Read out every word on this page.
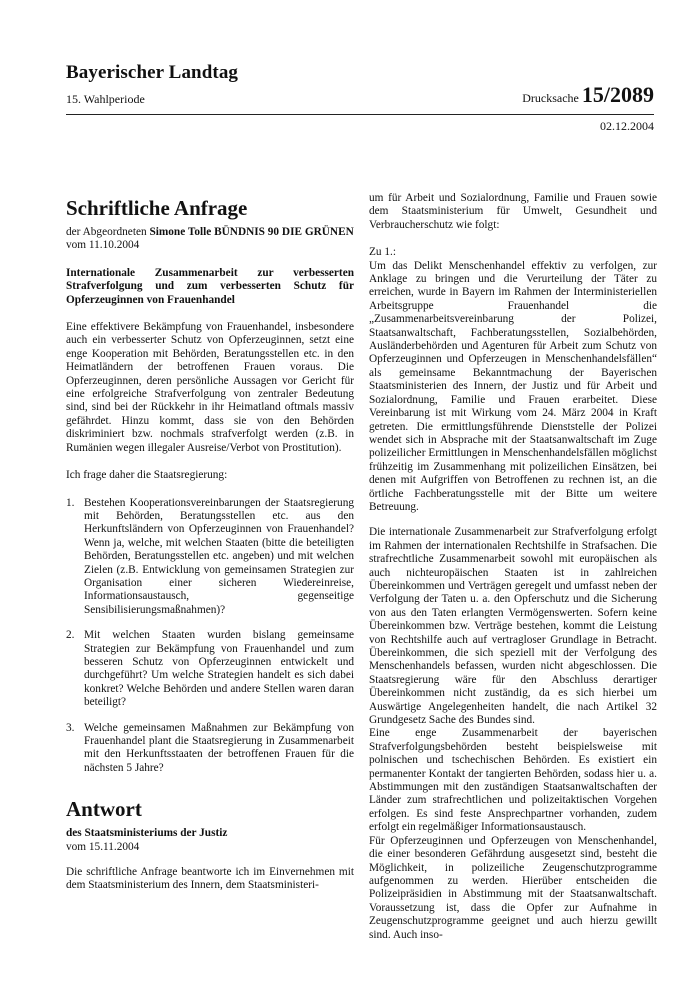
Bayerischer Landtag
15. Wahlperiode	Drucksache 15/2089
02.12.2004
Schriftliche Anfrage
der Abgeordneten Simone Tolle BÜNDNIS 90 DIE GRÜNEN
vom 11.10.2004
Internationale Zusammenarbeit zur verbesserten Strafverfolgung und zum verbesserten Schutz für Opferzeuginnen von Frauenhandel
Eine effektivere Bekämpfung von Frauenhandel, insbesondere auch ein verbesserter Schutz von Opferzeuginnen, setzt eine enge Kooperation mit Behörden, Beratungsstellen etc. in den Heimatländern der betroffenen Frauen voraus. Die Opferzeuginnen, deren persönliche Aussagen vor Gericht für eine erfolgreiche Strafverfolgung von zentraler Bedeutung sind, sind bei der Rückkehr in ihr Heimatland oftmals massiv gefährdet. Hinzu kommt, dass sie von den Behörden diskriminiert bzw. nochmals strafverfolgt werden (z.B. in Rumänien wegen illegaler Ausreise/Verbot von Prostitution).
Ich frage daher die Staatsregierung:
1. Bestehen Kooperationsvereinbarungen der Staatsregierung mit Behörden, Beratungsstellen etc. aus den Herkunftsländern von Opferzeuginnen von Frauenhandel? Wenn ja, welche, mit welchen Staaten (bitte die beteiligten Behörden, Beratungsstellen etc. angeben) und mit welchen Zielen (z.B. Entwicklung von gemeinsamen Strategien zur Organisation einer sicheren Wiedereinreise, Informationsaustausch, gegenseitige Sensibilisierungsmaßnahmen)?
2. Mit welchen Staaten wurden bislang gemeinsame Strategien zur Bekämpfung von Frauenhandel und zum besseren Schutz von Opferzeuginnen entwickelt und durchgeführt? Um welche Strategien handelt es sich dabei konkret? Welche Behörden und andere Stellen waren daran beteiligt?
3. Welche gemeinsamen Maßnahmen zur Bekämpfung von Frauenhandel plant die Staatsregierung in Zusammenarbeit mit den Herkunftsstaaten der betroffenen Frauen für die nächsten 5 Jahre?
Antwort
des Staatsministeriums der Justiz
vom 15.11.2004
Die schriftliche Anfrage beantworte ich im Einvernehmen mit dem Staatsministerium des Innern, dem Staatsministeri-
um für Arbeit und Sozialordnung, Familie und Frauen sowie dem Staatsministerium für Umwelt, Gesundheit und Verbraucherschutz wie folgt:
Zu 1.:
Um das Delikt Menschenhandel effektiv zu verfolgen, zur Anklage zu bringen und die Verurteilung der Täter zu erreichen, wurde in Bayern im Rahmen der Interministeriellen Arbeitsgruppe Frauenhandel die „Zusammenarbeitsvereinbarung der Polizei, Staatsanwaltschaft, Fachberatungsstellen, Sozialbehörden, Ausländerbehörden und Agenturen für Arbeit zum Schutz von Opferzeuginnen und Opferzeugen in Menschenhandelsfällen“ als gemeinsame Bekanntmachung der Bayerischen Staatsministerien des Innern, der Justiz und für Arbeit und Sozialordnung, Familie und Frauen erarbeitet. Diese Vereinbarung ist mit Wirkung vom 24. März 2004 in Kraft getreten. Die ermittlungsführende Dienststelle der Polizei wendet sich in Absprache mit der Staatsanwaltschaft im Zuge polizeilicher Ermittlungen in Menschenhandelsfällen möglichst frühzeitig im Zusammenhang mit polizeilichen Einsätzen, bei denen mit Aufgriffen von Betroffenen zu rechnen ist, an die örtliche Fachberatungsstelle mit der Bitte um weitere Betreuung.
Die internationale Zusammenarbeit zur Strafverfolgung erfolgt im Rahmen der internationalen Rechtshilfe in Strafsachen. Die strafrechtliche Zusammenarbeit sowohl mit europäischen als auch nichteuropäischen Staaten ist in zahlreichen Übereinkommen und Verträgen geregelt und umfasst neben der Verfolgung der Taten u. a. den Opferschutz und die Sicherung von aus den Taten erlangten Vermögenswerten. Sofern keine Übereinkommen bzw. Verträge bestehen, kommt die Leistung von Rechtshilfe auch auf vertragloser Grundlage in Betracht. Übereinkommen, die sich speziell mit der Verfolgung des Menschenhandels befassen, wurden nicht abgeschlossen. Die Staatsregierung wäre für den Abschluss derartiger Übereinkommen nicht zuständig, da es sich hierbei um Auswärtige Angelegenheiten handelt, die nach Artikel 32 Grundgesetz Sache des Bundes sind.
Eine enge Zusammenarbeit der bayerischen Strafverfolgungsbehörden besteht beispielsweise mit polnischen und tschechischen Behörden. Es existiert ein permanenter Kontakt der tangierten Behörden, sodass hier u. a. Abstimmungen mit den zuständigen Staatsanwaltschaften der Länder zum strafrechtlichen und polizeitaktischen Vorgehen erfolgen. Es sind feste Ansprechpartner vorhanden, zudem erfolgt ein regelmäßiger Informationsaustausch.
Für Opferzeuginnen und Opferzeugen von Menschenhandel, die einer besonderen Gefährdung ausgesetzt sind, besteht die Möglichkeit, in polizeiliche Zeugenschutzprogramme aufgenommen zu werden. Hierüber entscheiden die Polizeipräsidien in Abstimmung mit der Staatsanwaltschaft. Voraussetzung ist, dass die Opfer zur Aufnahme in Zeugenschutzprogramme geeignet und auch hierzu gewillt sind. Auch inso-
